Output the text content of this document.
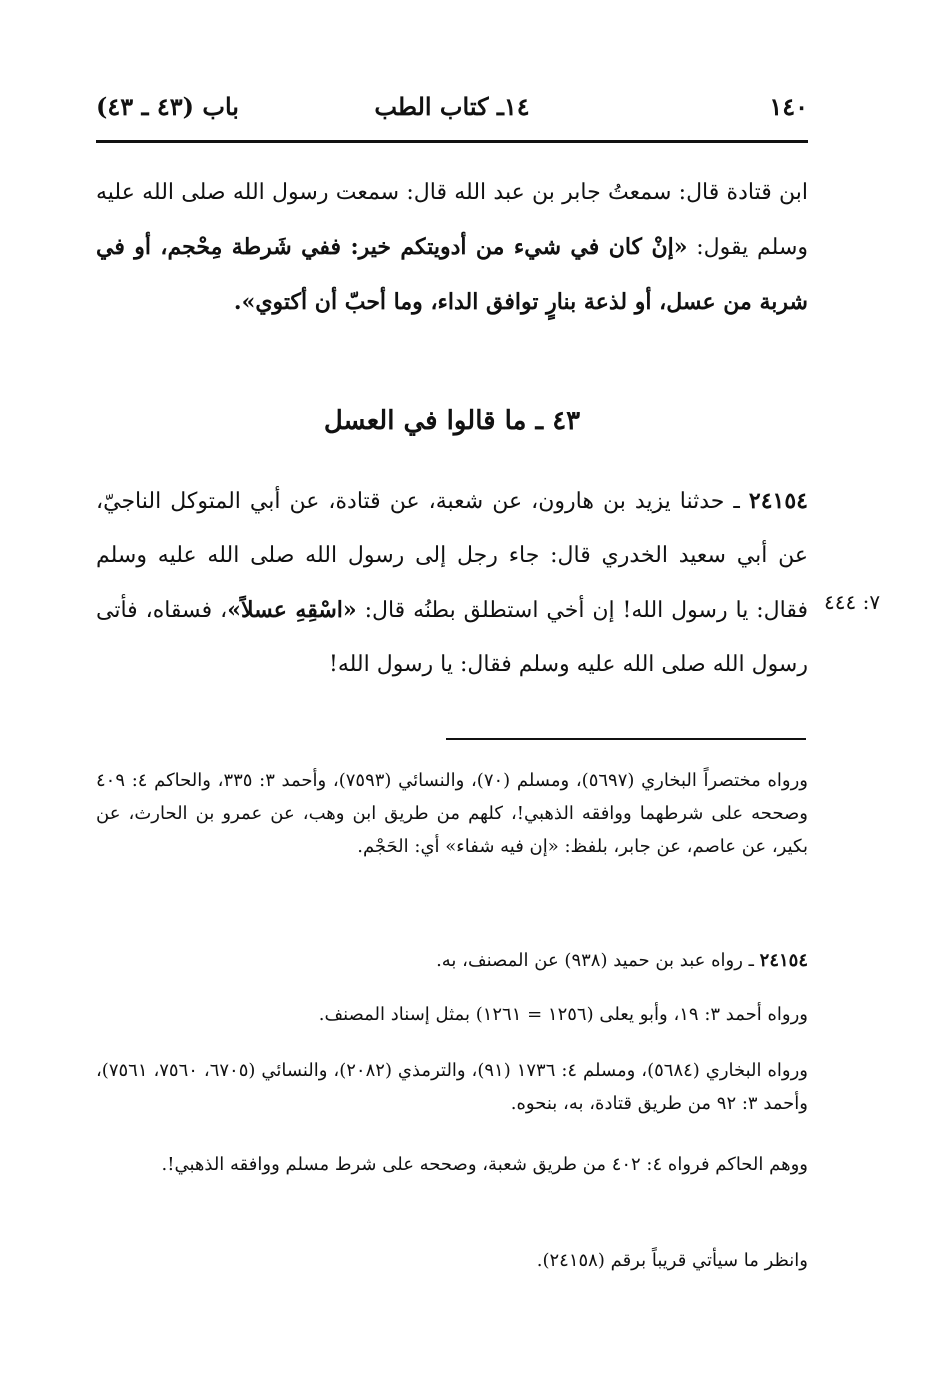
١٤٠
١٤ـ كتاب الطب
باب (٤٣ ـ ٤٣)

ابن قتادة قال: سمعتُ جابر بن عبد الله قال: سمعت رسول الله صلى الله عليه وسلم يقول: «إنْ كان في شيء من أدويتكم خير: ففي شَرطة مِحْجم، أو في شربة من عسل، أو لذعة بنارٍ توافق الداء، وما أحبّ أن أكتوي».

٤٣ ـ ما قالوا في العسل

٢٤١٥٤ ـ حدثنا يزيد بن هارون، عن شعبة، عن قتادة، عن أبي المتوكل الناجيّ، عن أبي سعيد الخدري قال: جاء رجل إلى رسول الله صلى الله عليه وسلم فقال: يا رسول الله! إن أخي استطلق بطنُه قال: «اسْقِهِ عسلاً»، فسقاه، فأتى رسول الله صلى الله عليه وسلم فقال: يا رسول الله!

٧: ٤٤٤

ورواه مختصراً البخاري (٥٦٩٧)، ومسلم (٧٠)، والنسائي (٧٥٩٣)، وأحمد ٣: ٣٣٥، والحاكم ٤: ٤٠٩ وصححه على شرطهما ووافقه الذهبي!، كلهم من طريق ابن وهب، عن عمرو بن الحارث، عن بكير، عن عاصم، عن جابر، بلفظ: «إن فيه شفاء» أي: الحَجْم.

٢٤١٥٤ ـ رواه عبد بن حميد (٩٣٨) عن المصنف، به.

ورواه أحمد ٣: ١٩، وأبو يعلى (١٢٥٦ = ١٢٦١) بمثل إسناد المصنف.

ورواه البخاري (٥٦٨٤)، ومسلم ٤: ١٧٣٦ (٩١)، والترمذي (٢٠٨٢)، والنسائي (٦٧٠٥، ٧٥٦٠، ٧٥٦١)، وأحمد ٣: ٩٢ من طريق قتادة، به، بنحوه.

ووهم الحاكم فرواه ٤: ٤٠٢ من طريق شعبة، وصححه على شرط مسلم ووافقه الذهبي!.

وانظر ما سيأتي قريباً برقم (٢٤١٥٨).
